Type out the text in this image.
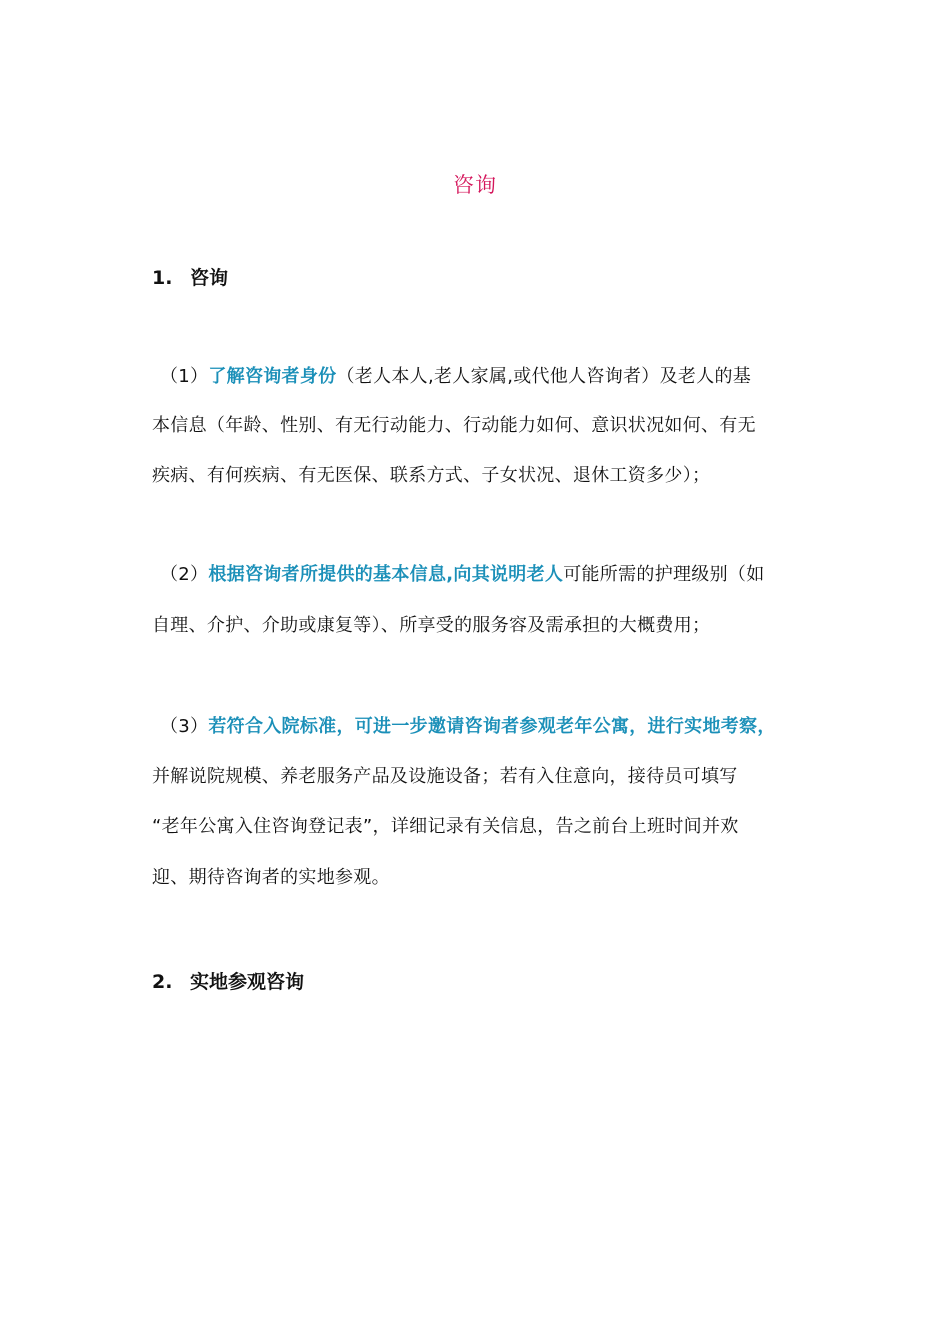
咨询
1. 咨询
（1）了解咨询者身份（老人本人,老人家属,或代他人咨询者）及老人的基
本信息（年龄、性别、有无行动能力、行动能力如何、意识状况如何、有无
疾病、有何疾病、有无医保、联系方式、子女状况、退休工资多少）；
（2）根据咨询者所提供的基本信息,向其说明老人可能所需的护理级别（如
自理、介护、介助或康复等）、所享受的服务容及需承担的大概费用；
（3）若符合入院标准，可进一步邀请咨询者参观老年公寓，进行实地考察，
并解说院规模、养老服务产品及设施设备；若有入住意向，接待员可填写
“老年公寓入住咨询登记表”，详细记录有关信息，告之前台上班时间并欢
迎、期待咨询者的实地参观。
2. 实地参观咨询
